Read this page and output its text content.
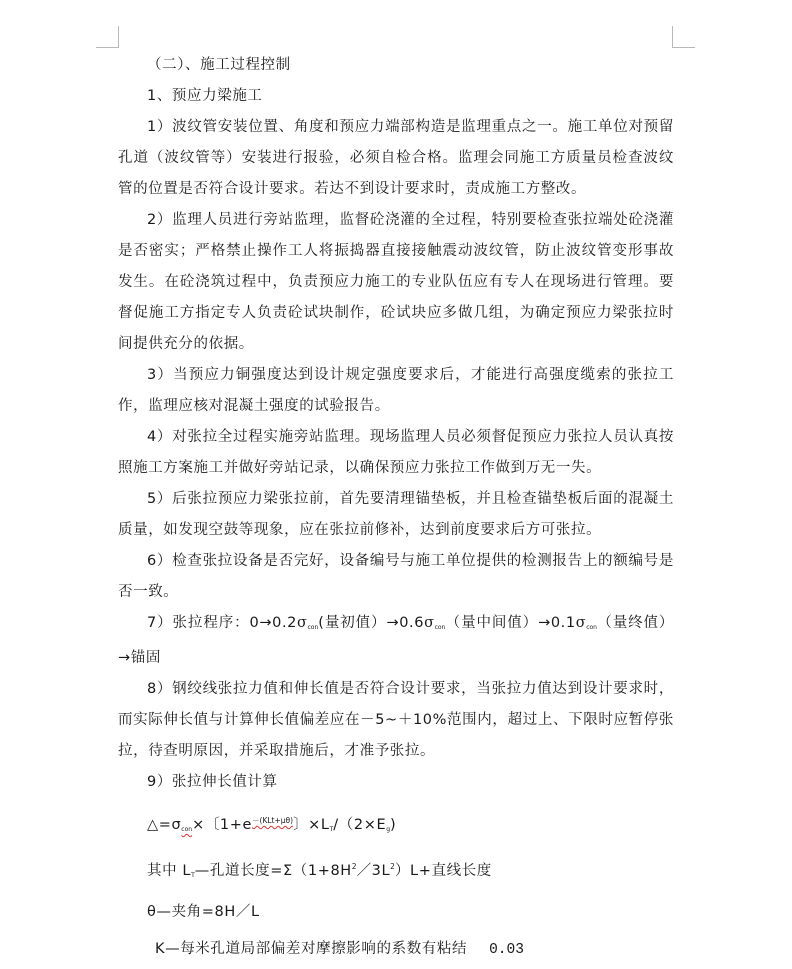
（二）、施工过程控制

1、预应力梁施工

1）波纹管安装位置、角度和预应力端部构造是监理重点之一。施工单位对预留孔道（波纹管等）安装进行报验，必须自检合格。监理会同施工方质量员检查波纹管的位置是否符合设计要求。若达不到设计要求时，责成施工方整改。

2）监理人员进行旁站监理，监督砼浇灌的全过程，特别要检查张拉端处砼浇灌是否密实；严格禁止操作工人将振捣器直接接触震动波纹管，防止波纹管变形事故发生。在砼浇筑过程中，负责预应力施工的专业队伍应有专人在现场进行管理。要督促施工方指定专人负责砼试块制作，砼试块应多做几组，为确定预应力梁张拉时间提供充分的依据。

3）当预应力铜强度达到设计规定强度要求后，才能进行高强度缆索的张拉工作，监理应核对混凝土强度的试验报告。

4）对张拉全过程实施旁站监理。现场监理人员必须督促预应力张拉人员认真按照施工方案施工并做好旁站记录，以确保预应力张拉工作做到万无一失。

5）后张拉预应力梁张拉前，首先要清理锚垫板，并且检查锚垫板后面的混凝土质量，如发现空鼓等现象，应在张拉前修补，达到前度要求后方可张拉。

6）检查张拉设备是否完好，设备编号与施工单位提供的检测报告上的额编号是否一致。

7）张拉程序：$0\to 0.2\sigma_{con}$(量初值）$\to 0.6\sigma_{con}$（量中间值）$\to 0.1\sigma_{con}$（量终值）→锚固

8）钢绞线张拉力值和伸长值是否符合设计要求，当张拉力值达到设计要求时，而实际伸长值与计算伸长值偏差应在－5~＋10%范围内，超过上、下限时应暂停张拉，待查明原因，并采取措施后，才准予张拉。

9）张拉伸长值计算

$\triangle=\sigma_{con}\times$〔$1+e^{-(KLt+\mu\theta)}$〕$\times L_T/(2\times E_g)$

其中 $L_T—$孔道长度$=\Sigma(1+8H^2/3L^2)L+$直线长度

θ—夹角=8H／L

K—每米孔道局部偏差对摩擦影响的系数有粘结 0.03
